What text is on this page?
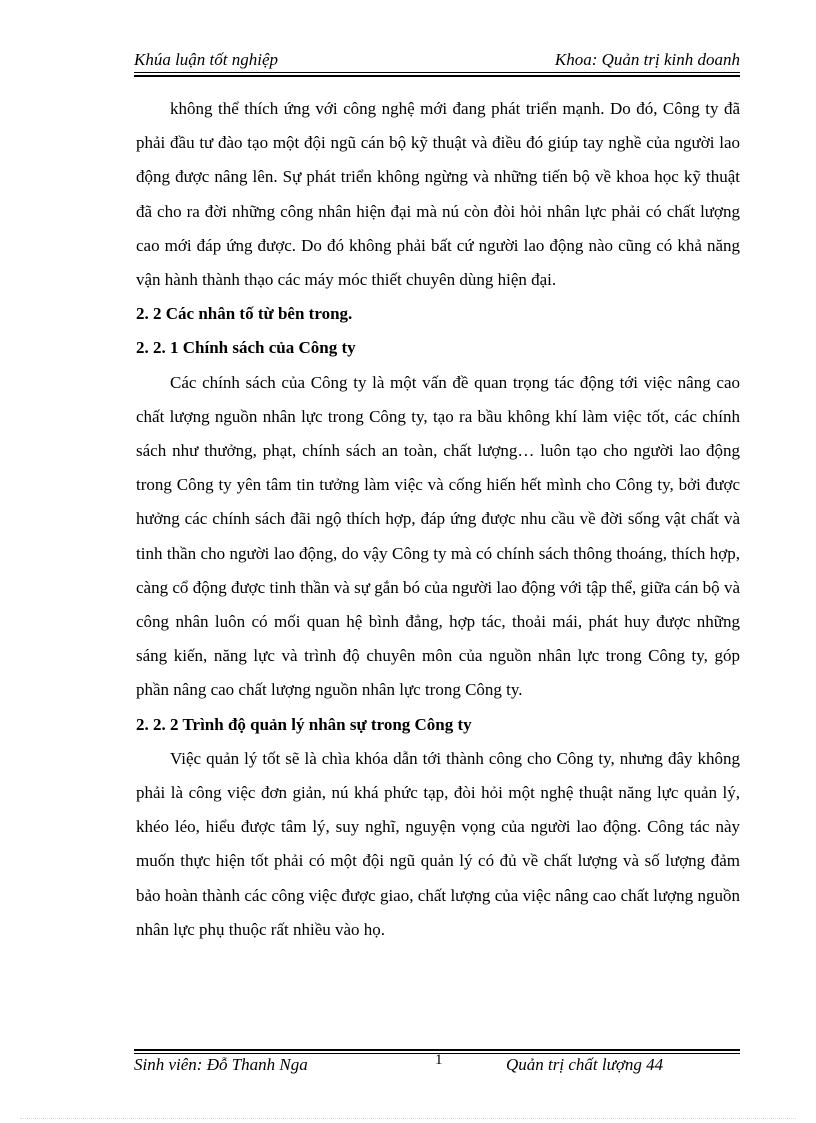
Khúa luận tốt nghiệp	Khoa: Quản trị kinh doanh

không thể thích ứng với công nghệ mới đang phát triển mạnh. Do đó, Công ty đã phải đầu tư đào tạo một đội ngũ cán bộ kỹ thuật và điều đó giúp tay nghề của người lao động được nâng lên. Sự phát triển không ngừng và những tiến bộ về khoa học kỹ thuật đã cho ra đời những công nhân hiện đại mà nú còn đòi hỏi nhân lực phải có chất lượng cao mới đáp ứng được. Do đó không phải bất cứ người lao động nào cũng có khả năng vận hành thành thạo các máy móc thiết chuyên dùng hiện đại.

2. 2 Các nhân tố từ bên trong.
2. 2. 1 Chính sách của Công ty

Các chính sách của Công ty là một vấn đề quan trọng tác động tới việc nâng cao chất lượng nguồn nhân lực trong Công ty, tạo ra bầu không khí làm việc tốt, các chính sách như thưởng, phạt, chính sách an toàn, chất lượng… luôn tạo cho người lao động trong Công ty yên tâm tin tưởng làm việc và cống hiến hết mình cho Công ty, bởi được hưởng các chính sách đãi ngộ thích hợp, đáp ứng được nhu cầu về đời sống vật chất và tinh thần cho người lao động, do vậy Công ty mà có chính sách thông thoáng, thích hợp, càng cổ động được tinh thần và sự gắn bó của người lao động với tập thể, giữa cán bộ và công nhân luôn có mối quan hệ bình đẳng, hợp tác, thoải mái, phát huy được những sáng kiến, năng lực và trình độ chuyên môn của nguồn nhân lực trong Công ty, góp phần nâng cao chất lượng nguồn nhân lực trong Công ty.

2. 2. 2 Trình độ quản lý nhân sự trong Công ty

Việc quản lý tốt sẽ là chìa khóa dẫn tới thành công cho Công ty, nhưng đây không phải là công việc đơn giản, nú khá phức tạp, đòi hỏi một nghệ thuật năng lực quản lý, khéo léo, hiểu được tâm lý, suy nghĩ, nguyện vọng của người lao động. Công tác này muốn thực hiện tốt phải có một đội ngũ quản lý có đủ về chất lượng và số lượng đảm bảo hoàn thành các công việc được giao, chất lượng của việc nâng cao chất lượng nguồn nhân lực phụ thuộc rất nhiều vào họ.

Sinh viên: Đỗ Thanh Nga	1	Quản trị chất lượng 44
